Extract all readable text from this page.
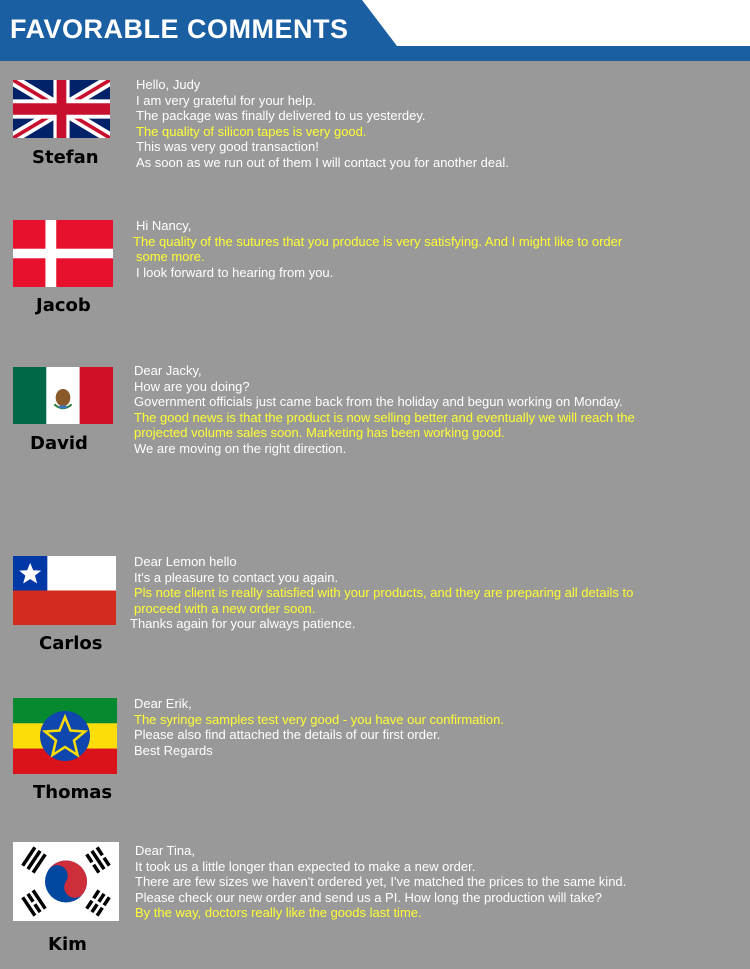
FAVORABLE COMMENTS
Stefan
Hello, Judy
I am very grateful for your help.
The package was finally delivered to us yesterdey.
The quality of silicon tapes is very good.
This was very good transaction!
As soon as we run out of them I will contact you for another deal.
Jacob
Hi Nancy,
The quality of the sutures that you produce is very satisfying. And I might like to order
some more.
I look forward to hearing from you.
David
Dear Jacky,
How are you doing?
Government officials just came back from the holiday and begun working on Monday.
The good news is that the product is now selling better and eventually we will reach the
projected volume sales soon. Marketing has been working good.
We are moving on the right direction.
Carlos
Dear Lemon hello
It's a pleasure to contact you again.
Pls note client is really satisfied with your products, and they are preparing all details to
proceed with a new order soon.
Thanks again for your always patience.
Thomas
Dear Erik,
The syringe samples test very good - you have our confirmation.
Please also find attached the details of our first order.
Best Regards
Kim
Dear Tina,
It took us a little longer than expected to make a new order.
There are few sizes we haven't ordered yet, I've matched the prices to the same kind.
Please check our new order and send us a PI. How long the production will take?
By the way, doctors really like the goods last time.
